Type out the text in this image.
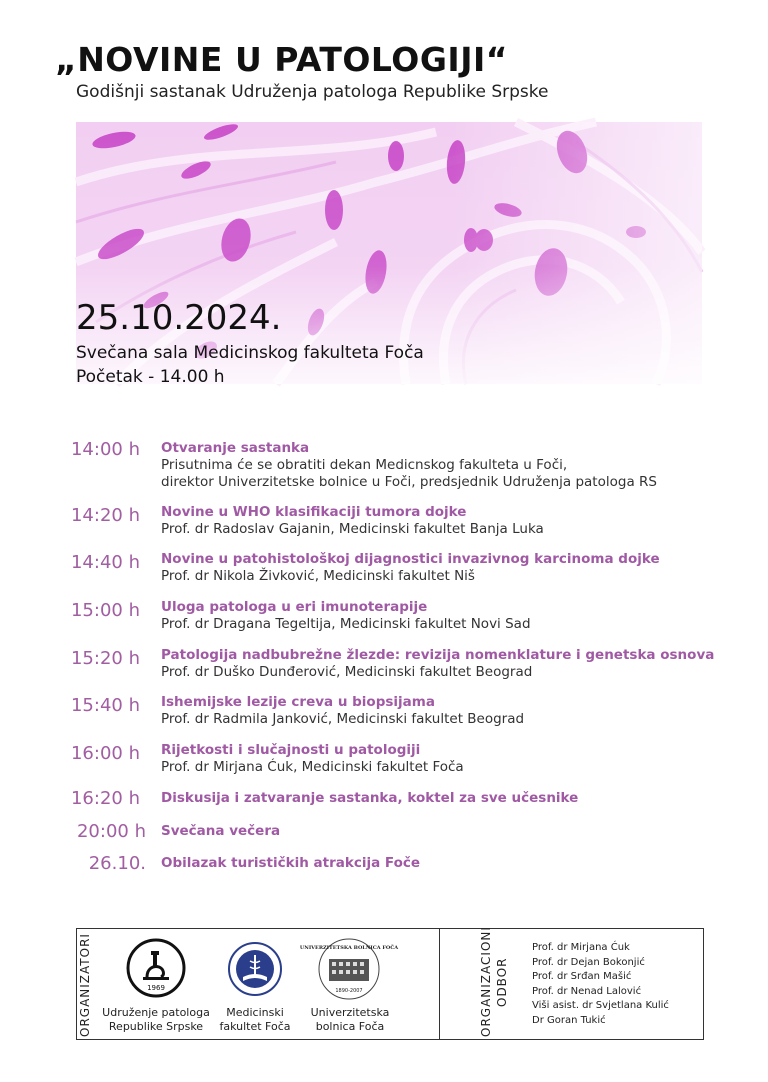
„NOVINE U PATOLOGIJI“
Godišnji sastanak Udruženja patologa Republike Srpske
25.10.2024.
Svečana sala Medicinskog fakulteta Foča
Početak - 14.00 h
14:00 h Otvaranje sastanka
Prisutnima će se obratiti dekan Medicnskog fakulteta u Foči,
direktor Univerzitetske bolnice u Foči, predsjednik Udruženja patologa RS
14:20 h Novine u WHO klasifikaciji tumora dojke
Prof. dr Radoslav Gajanin, Medicinski fakultet Banja Luka
14:40 h Novine u patohistološkoj dijagnostici invazivnog karcinoma dojke
Prof. dr Nikola Živković, Medicinski fakultet Niš
15:00 h Uloga patologa u eri imunoterapije
Prof. dr Dragana Tegeltija, Medicinski fakultet Novi Sad
15:20 h Patologija nadbubrežne žlezde: revizija nomenklature i genetska osnova
Prof. dr Duško Dunđerović, Medicinski fakultet Beograd
15:40 h Ishemijske lezije creva u biopsijama
Prof. dr Radmila Janković, Medicinski fakultet Beograd
16:00 h Rijetkosti i slučajnosti u patologiji
Prof. dr Mirjana Ćuk, Medicinski fakultet Foča
16:20 h Diskusija i zatvaranje sastanka, koktel za sve učesnike
20:00 h Svečana večera
26.10. Obilazak turističkih atrakcija Foče
ORGANIZATORI	1969
Udruženje patologa
Republike Srpske
Medicinski
fakultet Foča
UNIVERZITETSKA BOLNICA FOČA
1890-2007
Univerzitetska
bolnica Foča	ORGANIZACIONI ODBOR
Prof. dr Mirjana Ćuk
Prof. dr Dejan Bokonjić
Prof. dr Srđan Mašić
Prof. dr Nenad Lalović
Viši asist. dr Svjetlana Kulić
Dr Goran Tukić
